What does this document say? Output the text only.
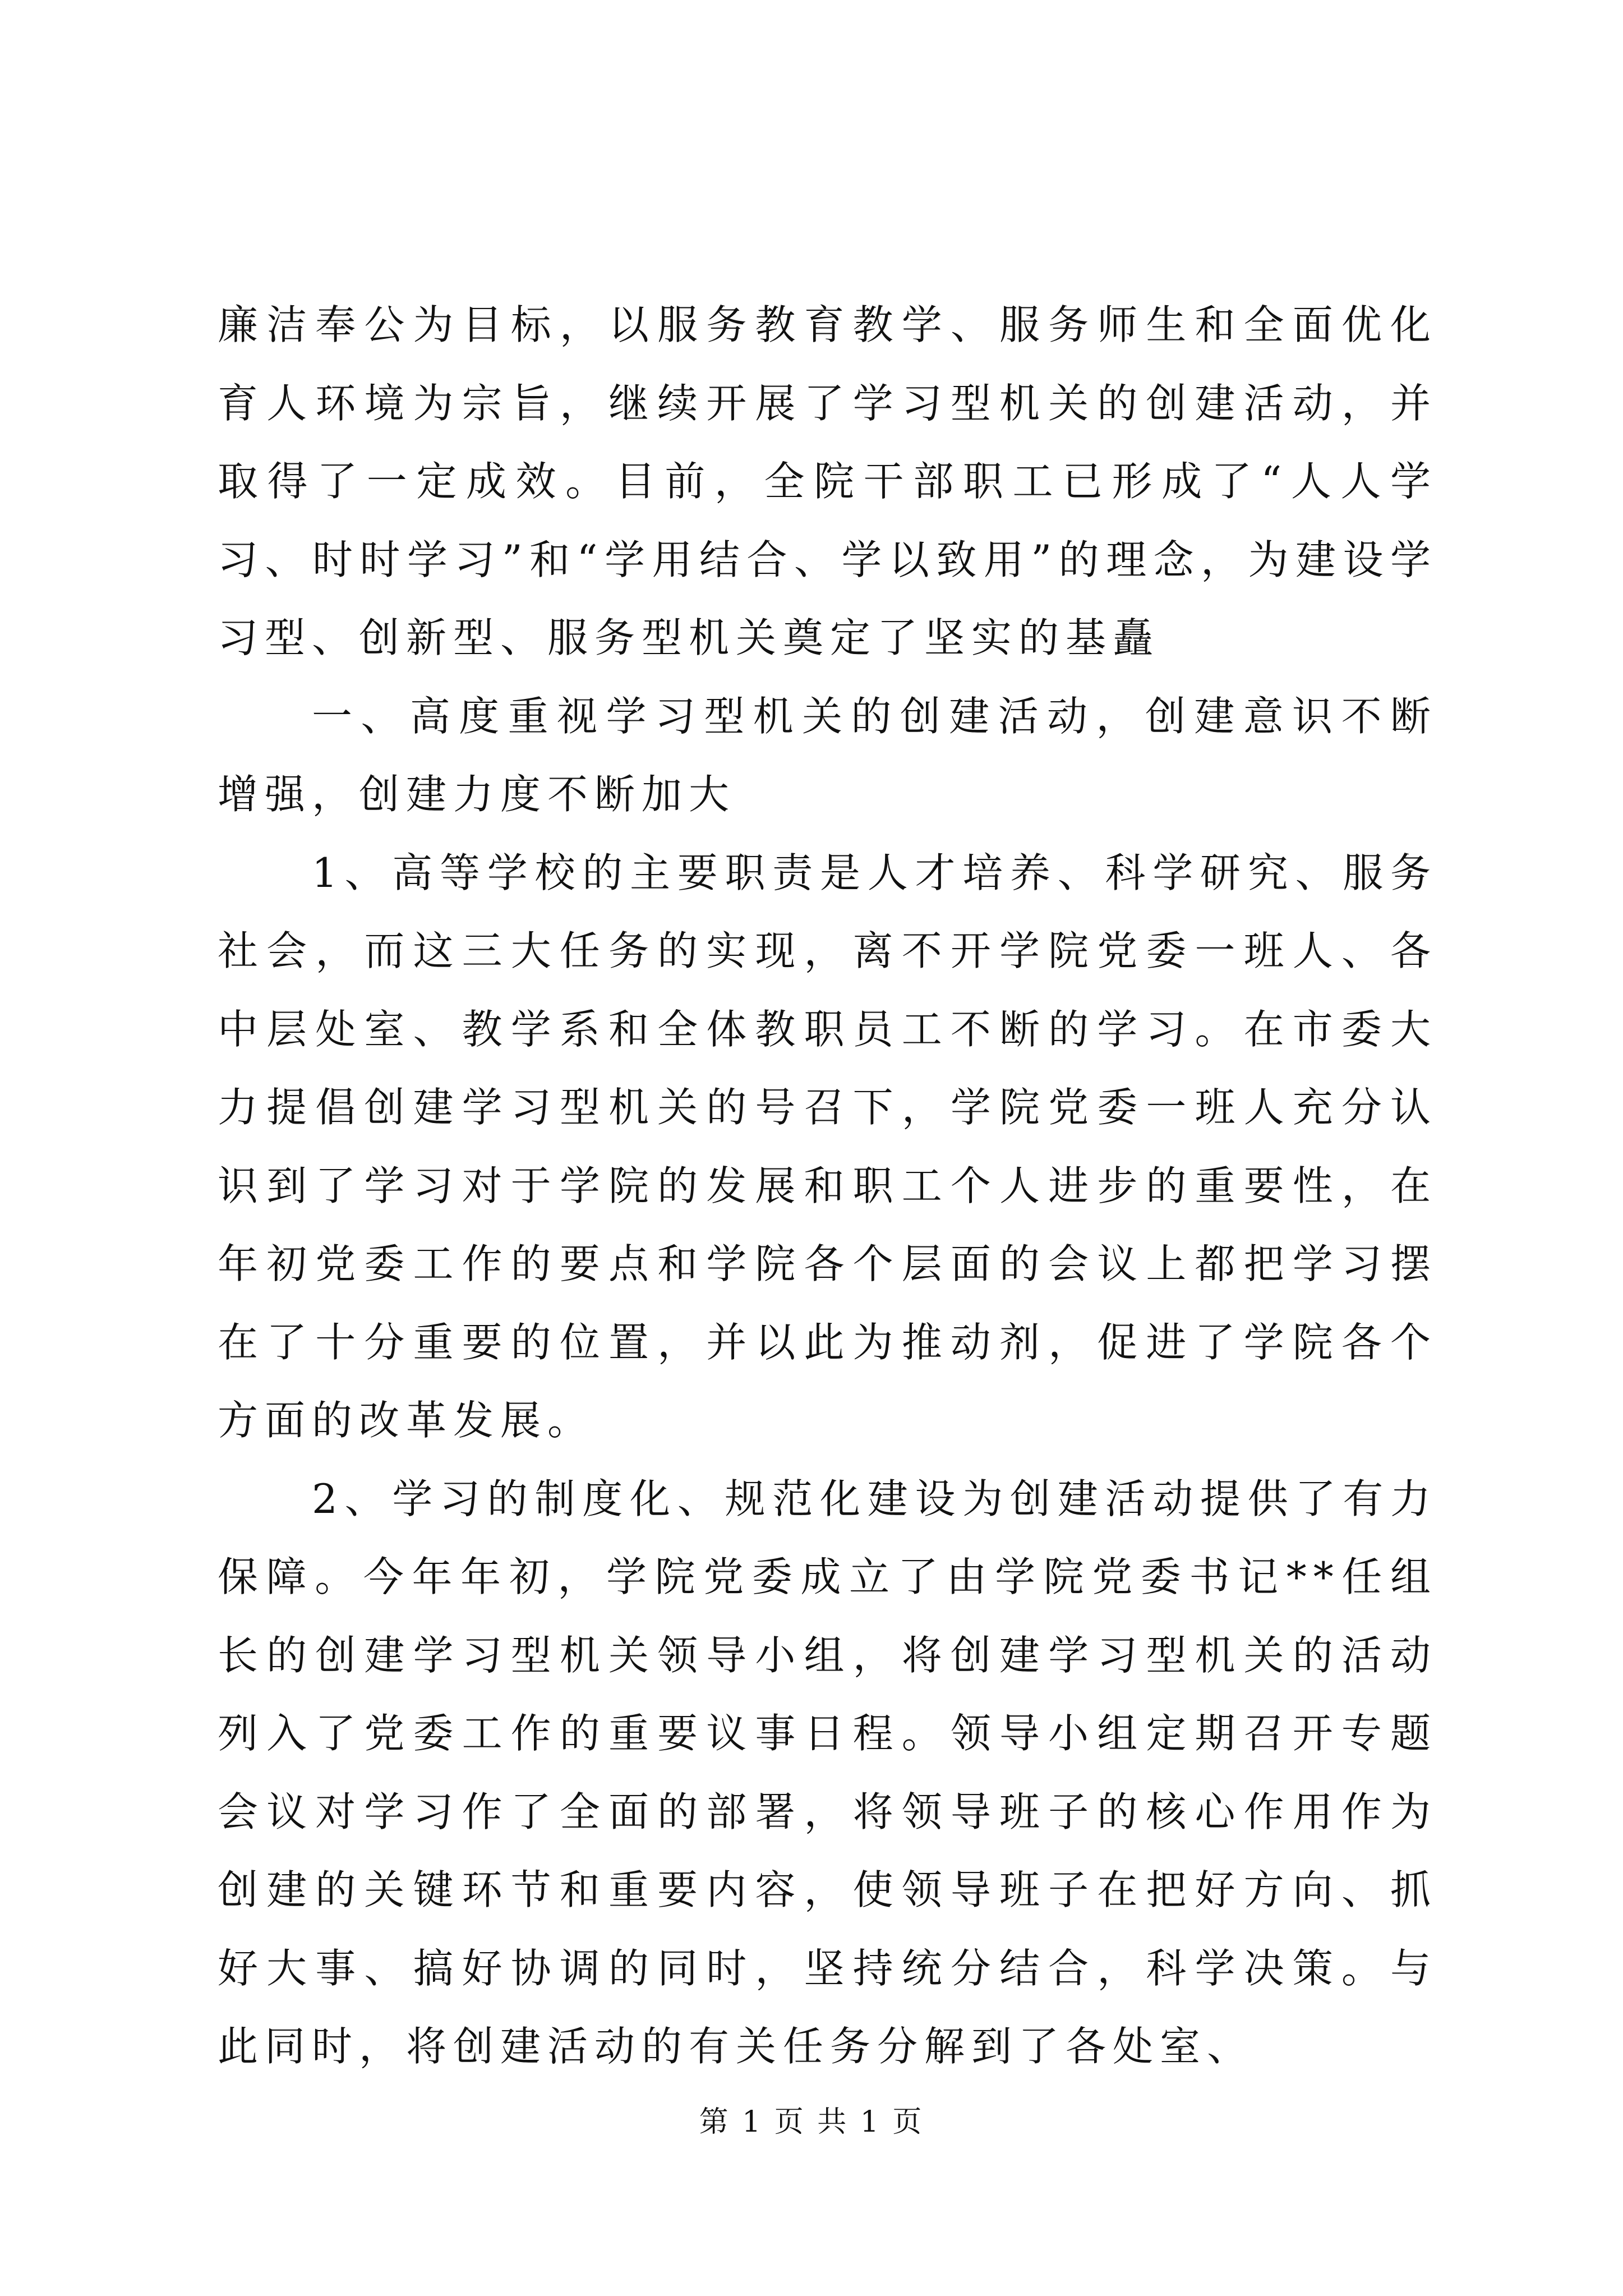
廉洁奉公为目标，以服务教育教学、服务师生和全面优化育人环境为宗旨，继续开展了学习型机关的创建活动，并取得了一定成效。目前，全院干部职工已形成了“人人学习、时时学习”和“学用结合、学以致用”的理念，为建设学习型、创新型、服务型机关奠定了坚实的基矗

一、高度重视学习型机关的创建活动，创建意识不断增强，创建力度不断加大

1、高等学校的主要职责是人才培养、科学研究、服务社会，而这三大任务的实现，离不开学院党委一班人、各中层处室、教学系和全体教职员工不断的学习。在市委大力提倡创建学习型机关的号召下，学院党委一班人充分认识到了学习对于学院的发展和职工个人进步的重要性，在年初党委工作的要点和学院各个层面的会议上都把学习摆在了十分重要的位置，并以此为推动剂，促进了学院各个方面的改革发展。

2、学习的制度化、规范化建设为创建活动提供了有力保障。今年年初，学院党委成立了由学院党委书记**任组长的创建学习型机关领导小组，将创建学习型机关的活动列入了党委工作的重要议事日程。领导小组定期召开专题会议对学习作了全面的部署，将领导班子的核心作用作为创建的关键环节和重要内容，使领导班子在把好方向、抓好大事、搞好协调的同时，坚持统分结合，科学决策。与此同时，将创建活动的有关任务分解到了各处室、

第 1 页 共 1 页
